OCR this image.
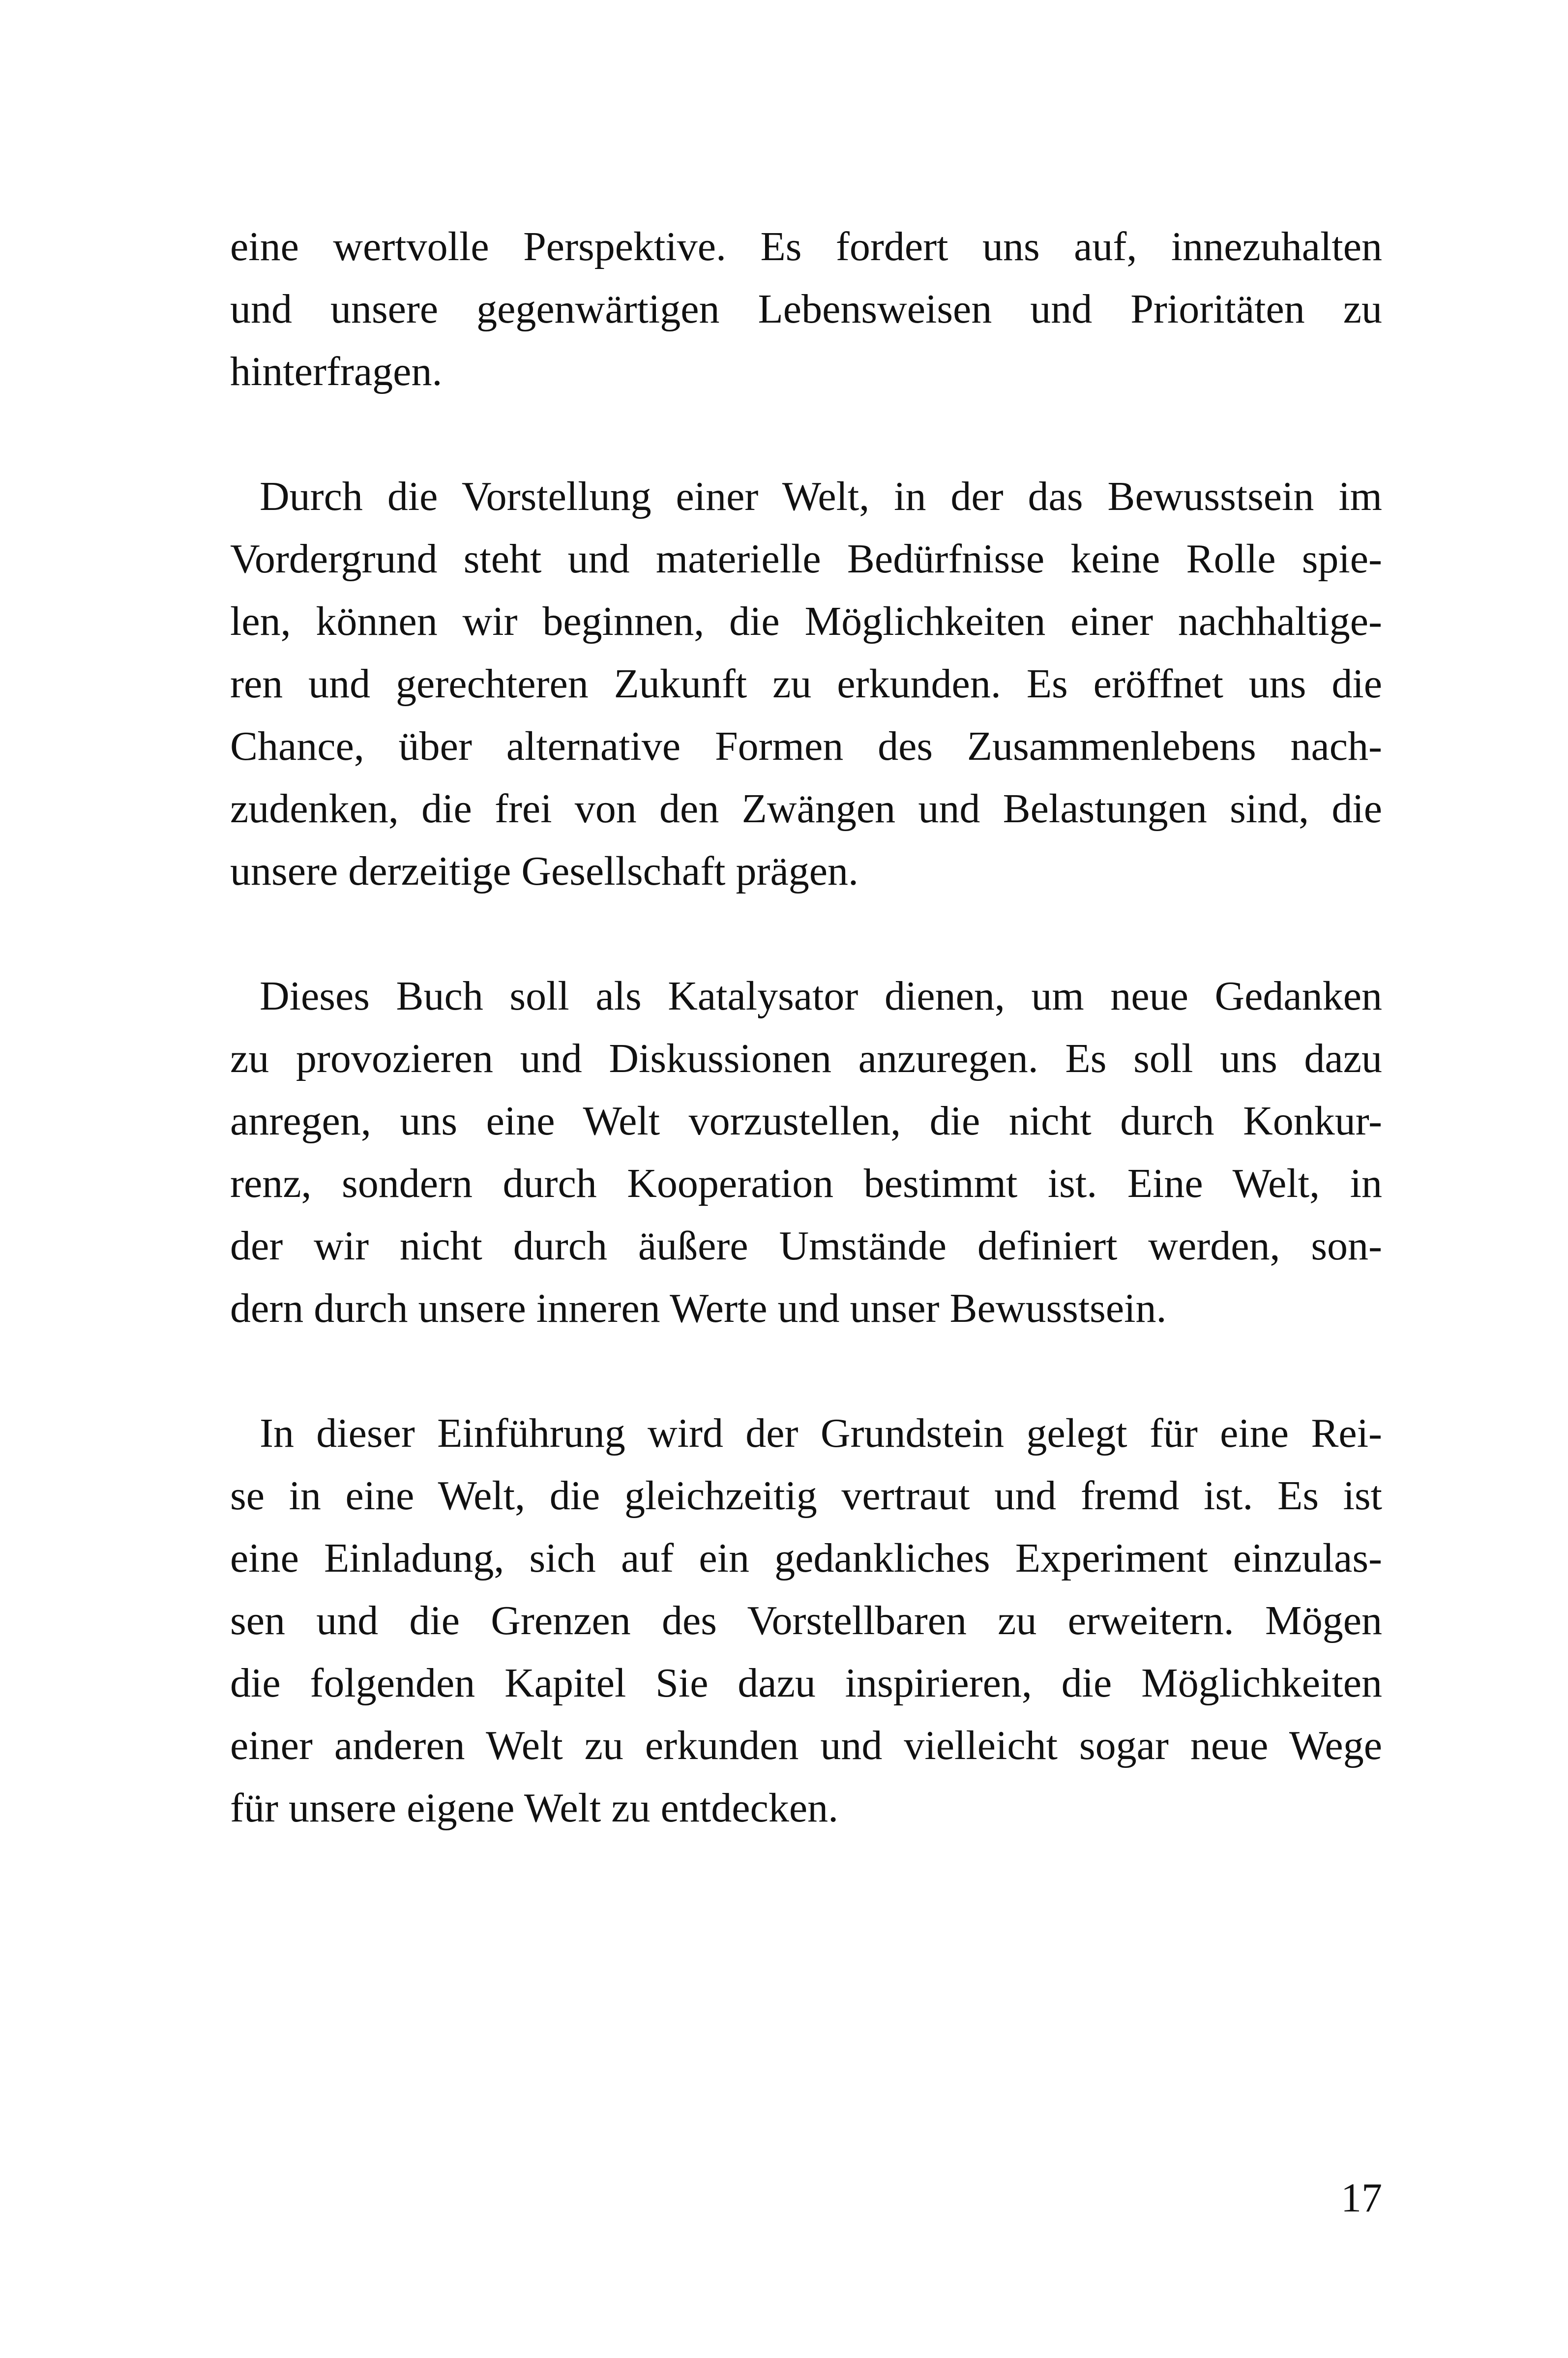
eine wertvolle Perspektive. Es fordert uns auf, innezuhalten
und unsere gegenwärtigen Lebensweisen und Prioritäten zu
hinterfragen.
Durch die Vorstellung einer Welt, in der das Bewusstsein im
Vordergrund steht und materielle Bedürfnisse keine Rolle spie-
len, können wir beginnen, die Möglichkeiten einer nachhaltige-
ren und gerechteren Zukunft zu erkunden. Es eröffnet uns die
Chance, über alternative Formen des Zusammenlebens nach-
zudenken, die frei von den Zwängen und Belastungen sind, die
unsere derzeitige Gesellschaft prägen.
Dieses Buch soll als Katalysator dienen, um neue Gedanken
zu provozieren und Diskussionen anzuregen. Es soll uns dazu
anregen, uns eine Welt vorzustellen, die nicht durch Konkur-
renz, sondern durch Kooperation bestimmt ist. Eine Welt, in
der wir nicht durch äußere Umstände definiert werden, son-
dern durch unsere inneren Werte und unser Bewusstsein.
In dieser Einführung wird der Grundstein gelegt für eine Rei-
se in eine Welt, die gleichzeitig vertraut und fremd ist. Es ist
eine Einladung, sich auf ein gedankliches Experiment einzulas-
sen und die Grenzen des Vorstellbaren zu erweitern. Mögen
die folgenden Kapitel Sie dazu inspirieren, die Möglichkeiten
einer anderen Welt zu erkunden und vielleicht sogar neue Wege
für unsere eigene Welt zu entdecken.
17
